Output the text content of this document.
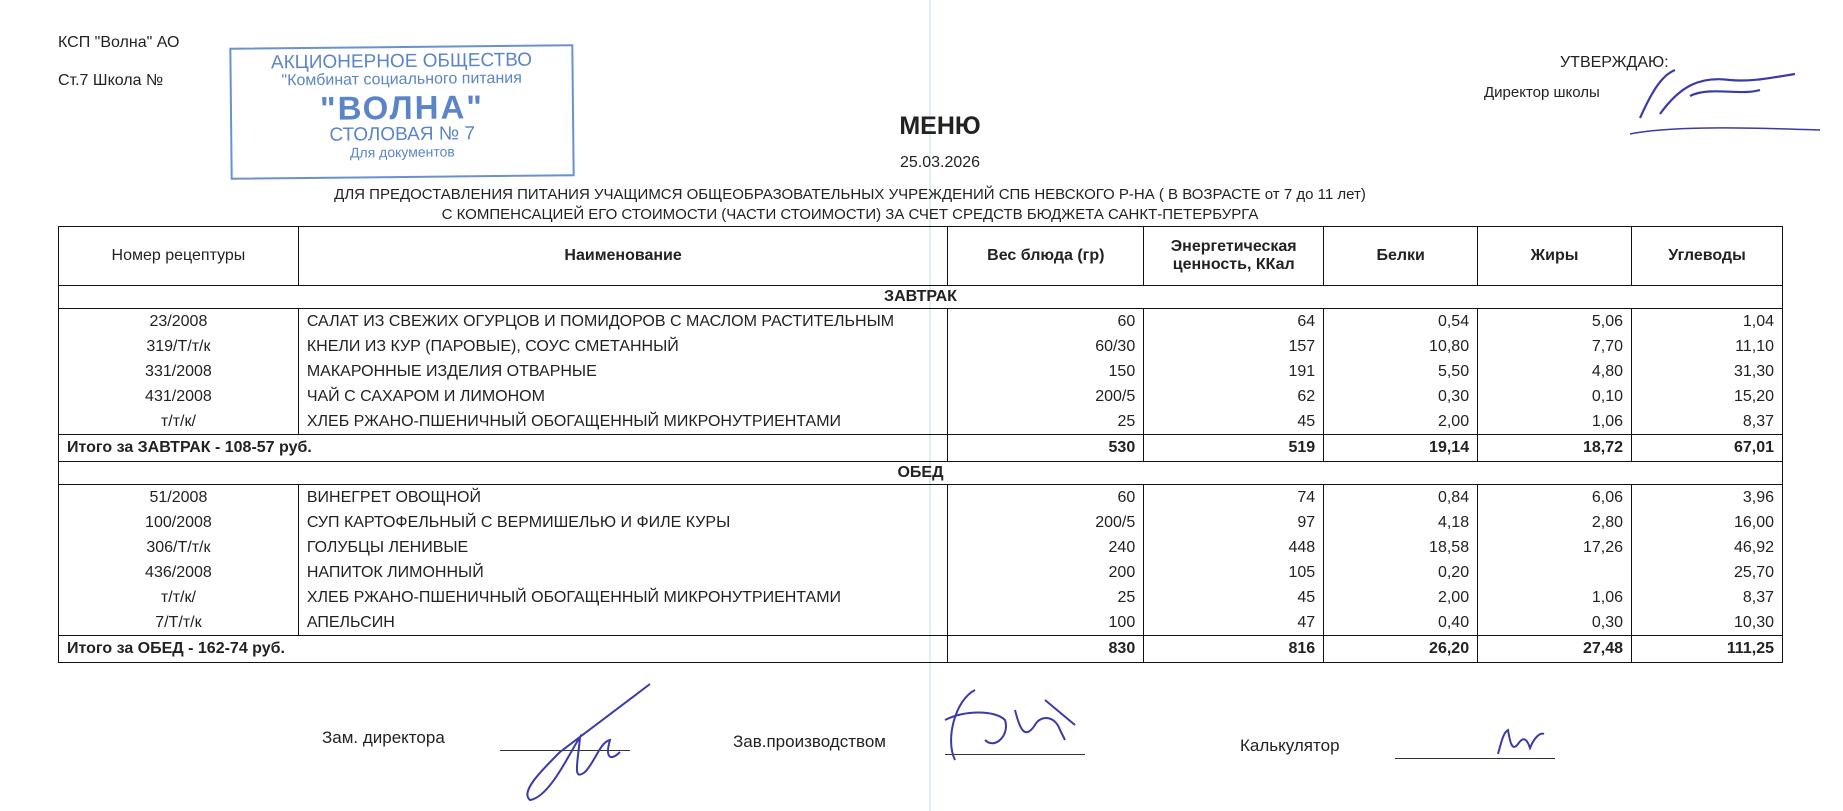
КСП "Волна" АО
Ст.7 Школа №
АКЦИОНЕРНОЕ ОБЩЕСТВО
"Комбинат социального питания
"ВОЛНА"
СТОЛОВАЯ № 7
Для документов
УТВЕРЖДАЮ:
Директор школы
МЕНЮ
25.03.2026
ДЛЯ ПРЕДОСТАВЛЕНИЯ ПИТАНИЯ УЧАЩИМСЯ ОБЩЕОБРАЗОВАТЕЛЬНЫХ УЧРЕЖДЕНИЙ СПБ НЕВСКОГО Р-НА ( В ВОЗРАСТЕ от 7 до 11 лет)
С КОМПЕНСАЦИЕЙ ЕГО СТОИМОСТИ (ЧАСТИ СТОИМОСТИ) ЗА СЧЕТ СРЕДСТВ БЮДЖЕТА САНКТ-ПЕТЕРБУРГА
Номер рецептуры	Наименование	Вес блюда (гр)	Энергетическая ценность, ККал	Белки	Жиры	Углеводы
ЗАВТРАК						
23/2008	САЛАТ ИЗ СВЕЖИХ ОГУРЦОВ И ПОМИДОРОВ С МАСЛОМ РАСТИТЕЛЬНЫМ	60	64	0,54	5,06	1,04
319/Т/т/к	КНЕЛИ ИЗ КУР (ПАРОВЫЕ), СОУС СМЕТАННЫЙ	60/30	157	10,80	7,70	11,10
331/2008	МАКАРОННЫЕ ИЗДЕЛИЯ ОТВАРНЫЕ	150	191	5,50	4,80	31,30
431/2008	ЧАЙ С САХАРОМ И ЛИМОНОМ	200/5	62	0,30	0,10	15,20
т/т/к/	ХЛЕБ РЖАНО-ПШЕНИЧНЫЙ ОБОГАЩЕННЫЙ МИКРОНУТРИЕНТАМИ	25	45	2,00	1,06	8,37
Итого за ЗАВТРАК - 108-57 руб.		530	519	19,14	18,72	67,01
ОБЕД						
51/2008	ВИНЕГРЕТ ОВОЩНОЙ	60	74	0,84	6,06	3,96
100/2008	СУП КАРТОФЕЛЬНЫЙ С ВЕРМИШЕЛЬЮ И ФИЛЕ КУРЫ	200/5	97	4,18	2,80	16,00
306/Т/т/к	ГОЛУБЦЫ ЛЕНИВЫЕ	240	448	18,58	17,26	46,92
436/2008	НАПИТОК ЛИМОННЫЙ	200	105	0,20		25,70
т/т/к/	ХЛЕБ РЖАНО-ПШЕНИЧНЫЙ ОБОГАЩЕННЫЙ МИКРОНУТРИЕНТАМИ	25	45	2,00	1,06	8,37
7/Т/т/к	АПЕЛЬСИН	100	47	0,40	0,30	10,30
Итого за ОБЕД - 162-74 руб.		830	816	26,20	27,48	111,25
Зам. директора	Зав.производством	Калькулятор
